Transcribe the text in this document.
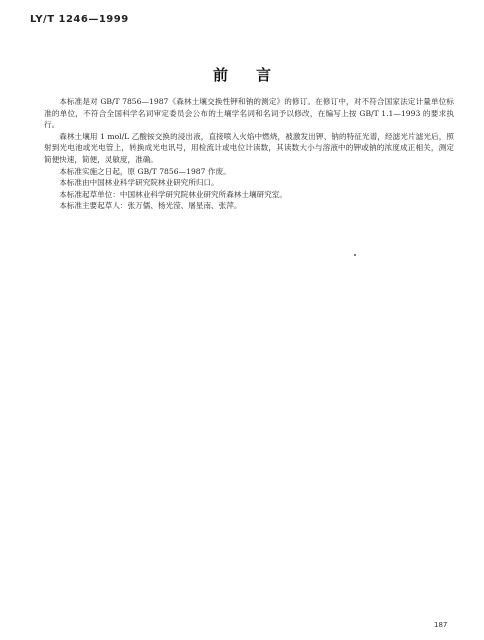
LY/T 1246—1999
前言

本标准是对 GB/T 7856—1987《森林土壤交换性钾和钠的测定》的修订。在修订中，对不符合国家法定计量单位标准的单位，不符合全国科学名词审定委员会公布的土壤学名词和名词予以修改，在编写上按 GB/T 1.1—1993 的要求执行。

森林土壤用 1 mol/L 乙酸铵交换的浸出液，直接喷入火焰中燃烧，被激发出钾、钠的特征光谱，经滤光片滤光后，照射到光电池或光电管上，转换成光电讯号，用检流计或电位计读数，其读数大小与溶液中的钾或钠的浓度成正相关，测定简便快速，简便，灵敏度，准确。

本标准实施之日起，原 GB/T 7856—1987 作废。

本标准由中国林业科学研究院林业研究所归口。

本标准起草单位：中国林业科学研究院林业研究所森林土壤研究室。

本标准主要起草人：张万儒、杨光滢、屠星南、张萍。

187
